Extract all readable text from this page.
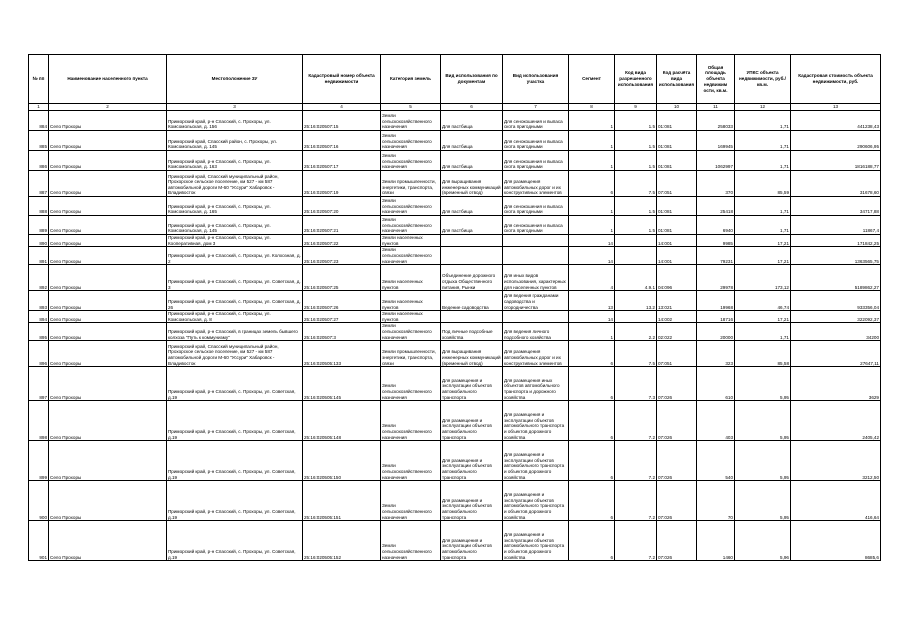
№ пп	Наименование населенного пункта	Местоположение ЗУ	Кадастровый номер объекта недвижимости	Категория земель	Вид использования по документам	Вид использования участка	Сегмент	Код вида разрешенного использования	Код расчёта вида использования	Общая площадь объекта недвижим ости, кв.м.	УПКС объекта недвижимости, руб./кв.м.	Кадастровая стоимость объекта недвижимости, руб.
1	2	3	4	5	6	7	8	9	10	11	12	13
884	Село Прохоры	Приморский край, р-н Спасский, с. Прохоры, ул. Комсомольская, д. 156	25:16:020507:15	Земли сельскохозяйственного назначения	Для пастбища	Для сенокошения и выпаса скота пригодными	1	1.5	01:081	258033	1,71	441238,43
885	Село Прохоры	Приморский край, Спасский район, с. Прохоры, ул. Комсомольская, д. 145	25:16:020507:16	Земли сельскохозяйственного назначения	Для пастбища	Для сенокошения и выпаса скота пригодными	1	1.5	01:081	169945	1,71	290606,95
886	Село Прохоры	Приморский край, р-н Спасский, с. Прохоры, ул. Комсомольская, д. 163	25:16:020507:17	Земли сельскохозяйственного назначения	Для пастбища	Для сенокошения и выпаса скота пригодными	1	1.5	01:081	1062997	1,71	1816188,77
887	Село Прохоры	Приморский край, Спасский муниципальный район, Прохорское сельское поселение, км 527 - км 587 автомобильной дороги М-60 "Уссури" Хабаровск - Владивосток	25:16:020507:19	Земли промышленности, энергетики, транспорта, связи	Для выращивания инженерных коммуникаций (временный отвод)	Для размещения автомобильных дорог и их конструктивных элементов	6	7.5	07:051	370	85,59	31678,60
888	Село Прохоры	Приморский край, р-н Спасский, с. Прохоры, ул. Комсомольская, д. 165	25:16:020507:20	Земли сельскохозяйственного назначения	Для пастбища	Для сенокошения и выпаса скота пригодными	1	1.5	01:081	25418	1,71	34717,88
889	Село Прохоры	Приморский край, р-н Спасский, с. Прохоры, ул. Комсомольская, д. 145	25:16:020507:21	Земли сельскохозяйственного назначения	Для пастбища	Для сенокошения и выпаса скота пригодными	1	1.5	01:081	6940	1,71	11867,4
890	Село Прохоры	Приморский край, р-н Спасский, с. Прохоры, ул. Кооперативная, дом 3	25:16:020507:22	Земли населенных пунктов			14		14:001	9985	17,21	171842,25
891	Село Прохоры	Приморский край, р-н Спасский, с. Прохоры, ул. Колхозная, д. 2	25:16:020507:23	Земли сельскохозяйственного назначения			14		14:001	79231	17,21	1363565,75
892	Село Прохоры	Приморский край, р-н Спасский, с. Прохоры, ул. Советская, д. 3	25:16:020507:25	Земли населенных пунктов	Объединение дорожного отдыха Общественного питания, Рынки	Для иных видов использования, характерных для населенных пунктов	4	4.9.1	04:096	29978	173,12	5189862,27
893	Село Прохоры	Приморский край, р-н Спасский, с. Прохоры, ул. Советская, д. 26	25:16:020507:26	Земли населенных пунктов	Ведение садоводства	Для ведения гражданами садоводства и огородничества	13	13.2	13:021	19968	46,74	933356,04
894	Село Прохоры	Приморский край, р-н Спасский, с. Прохоры, ул. Комсомольская, д. 8	25:16:020507:27	Земли населенных пунктов			14		14:002	18716	17,21	322092,37
895	Село Прохоры	Приморский край, р-н Спасский, в границах земель бывшего колхоза "Путь к коммунизму"	25:16:020507:3	Земли сельскохозяйственного назначения	Под личные подсобные хозяйства	Для ведения личного подсобного хозяйства	1	2.2	02:022	20000	1,71	34200
896	Село Прохоры	Приморский край, Спасский муниципальный район, Прохорское сельское поселение, км 527 - км 587 автомобильной дороги М-60 "Уссури" Хабаровск - Владивосток	25:16:020505:133	Земли промышленности, энергетики, транспорта, связи	Для выращивания инженерных коммуникаций (временный отвод)	Для размещения автомобильных дорог и их конструктивных элементов	6	7.5	07:051	323	85,58	27647,11
897	Село Прохоры	Приморский край, р-н Спасский, с. Прохоры, ул. Советская, д.19	25:16:020505:145	Земли сельскохозяйственного назначения	Для размещения и эксплуатации объектов автомобильного транспорта	Для размещения иных объектов автомобильного транспорта и дорожного хозяйства	6	7.3	07:026	610	5,95	3629
898	Село Прохоры	Приморский край, р-н Спасский, с. Прохоры, ул. Советская, д.19	25:16:020505:148	Земли сельскохозяйственного назначения	Для размещения и эксплуатации объектов автомобильного транспорта	Для размещения и эксплуатации объектов автомобильного транспорта и объектов дорожного хозяйства	6	7.2	07:026	403	5,95	2405,42
899	Село Прохоры	Приморский край, р-н Спасский, с. Прохоры, ул. Советская, д.19	25:16:020505:150	Земли сельскохозяйственного назначения	Для размещения и эксплуатации объектов автомобильного транспорта	Для размещения и эксплуатации объектов автомобильного транспорта и объектов дорожного хозяйства	6	7.2	07:026	540	5,95	3212,50
900	Село Прохоры	Приморский край, р-н Спасский, с. Прохоры, ул. Советская, д.19	25:16:020505:151	Земли сельскохозяйственного назначения	Для размещения и эксплуатации объектов автомобильного транспорта	Для размещения и эксплуатации объектов автомобильного транспорта и объектов дорожного хозяйства	6	7.2	07:026	70	5,95	416,64
901	Село Прохоры	Приморский край, р-н Спасский, с. Прохоры, ул. Советская, д.19	25:16:020505:152	Земли сельскохозяйственного назначения	Для размещения и эксплуатации объектов автомобильного транспорта	Для размещения и эксплуатации объектов автомобильного транспорта и объектов дорожного хозяйства	6	7.2	07:026	1460	5,96	8685,6
